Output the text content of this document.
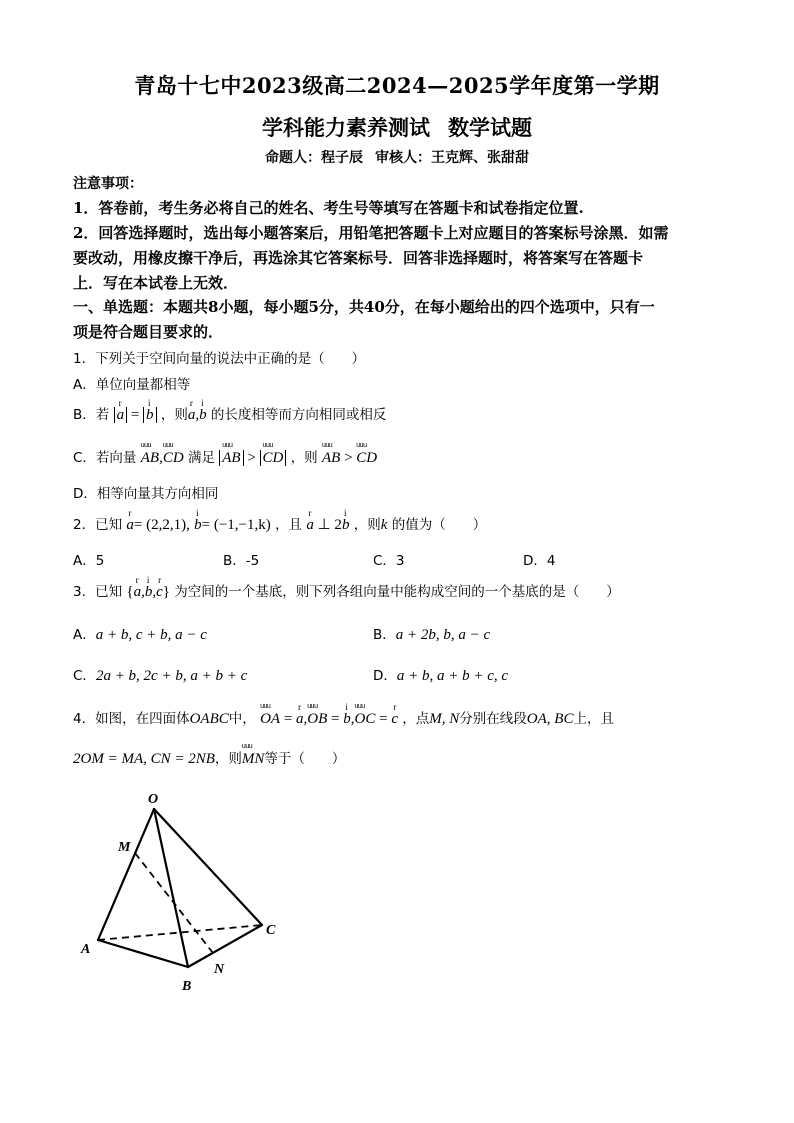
青岛十七中2023级高二2024—2025学年度第一学期
学科能力素养测试 数学试题
命题人：程子辰 审核人：王克辉、张甜甜
注意事项：
1．答卷前，考生务必将自己的姓名、考生号等填写在答题卡和试卷指定位置.
2．回答选择题时，选出每小题答案后，用铅笔把答题卡上对应题目的答案标号涂黑．如需
要改动，用橡皮擦干净后，再选涂其它答案标号．回答非选择题时，将答案写在答题卡
上．写在本试卷上无效．
一、单选题：本题共8小题，每小题5分，共40分，在每小题给出的四个选项中，只有一
项是符合题目要求的．
1．下列关于空间向量的说法中正确的是（　　）
A．单位向量都相等
B．若 r a = i b ，则r a,i b 的长度相等而方向相同或相反
C．若向量 uuu AB,uuu CD 满足 uuu AB > uuu CD ，则 uuu AB > uuu CD
D．相等向量其方向相同
2．已知 r a= (2,2,1), i b= (−1,−1,k) ，且 r a ⊥ 2i b ，则k 的值为（　　）
A．5	B．-5	C．3	D．4
3．已知 {r a,i b,r c} 为空间的一个基底，则下列各组向量中能构成空间的一个基底的是（　　）
A．a + b, c + b, a − c	B．a + 2b, b, a − c
C．2a + b, 2c + b, a + b + c	D．a + b, a + b + c, c
4．如图，在四面体OABC中， uuu OA = r a,uuu OB = i b,uuu OC = r c ，点M, N分别在线段OA, BC上，且
2OM = MA, CN = 2NB，则uuu MN等于（　　）
O
M
A
B
C
N
